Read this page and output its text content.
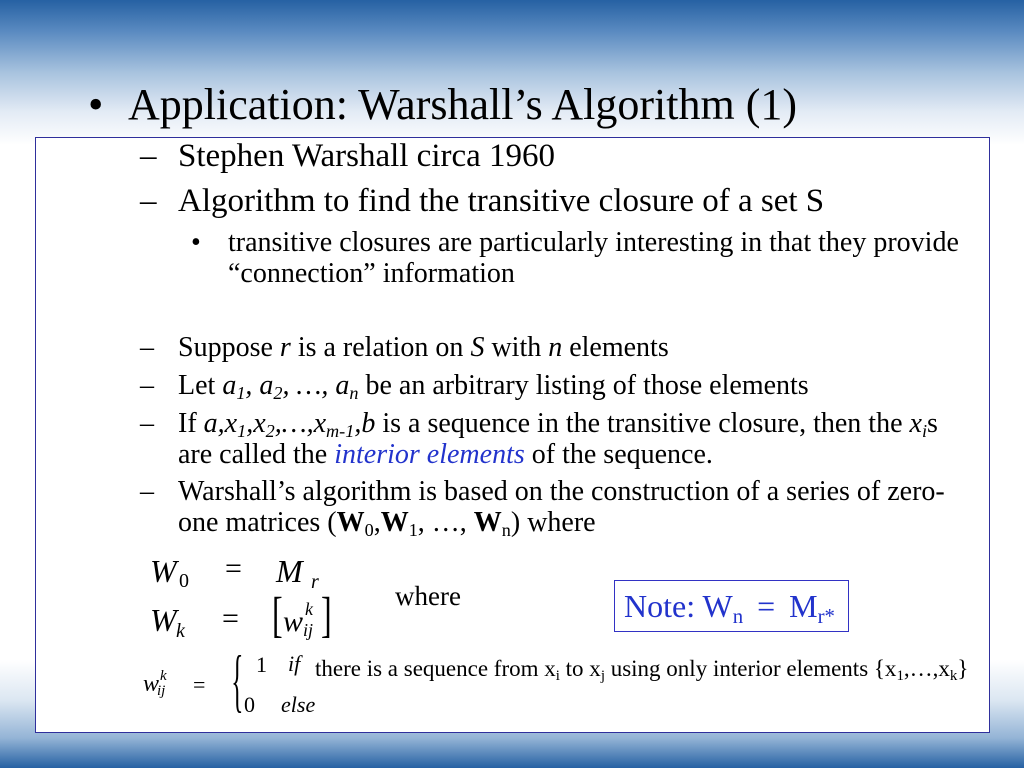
• Application: Warshall’s Algorithm (1)
– Stephen Warshall circa 1960
– Algorithm to find the transitive closure of a set S
• transitive closures are particularly interesting in that they provide
“connection” information
– Suppose r is a relation on S with n elements
– Let a1, a2, …, an be an arbitrary listing of those elements
– If a,x1,x2,…,xm-1,b is a sequence in the transitive closure, then the xis
are called the interior elements of the sequence.
– Warshall’s algorithm is based on the construction of a series of zero-
one matrices (W0,W1, …, Wn) where
W 0 = M r
W k = [ w k
ij ] where	Note: Wn = Mr*
w k
ij = { 1 if there is a sequence from xi to xj using only interior elements {x1,…,xk}
0 else
